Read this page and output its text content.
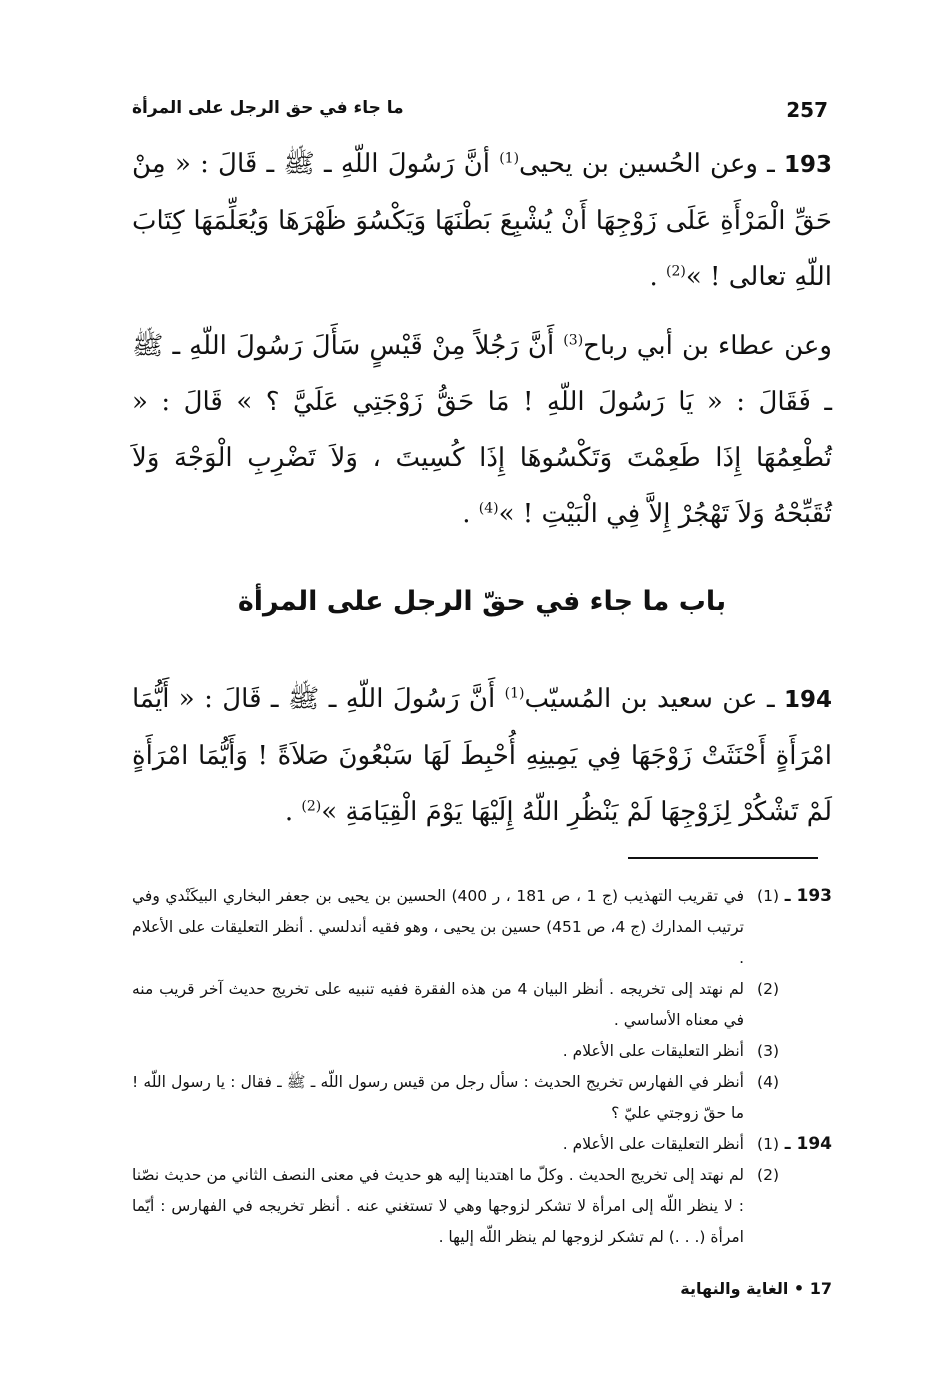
257
ما جاء في حق الرجل على المرأة
193 ـ وعن الحُسين بن يحيى$^{(1)}$ أنَّ رَسُولَ اللّهِ ـ ﷺ ـ قَالَ : « مِنْ حَقِّ الْمَرْأَةِ عَلَى زَوْجِهَا أَنْ يُشْبِعَ بَطْنَهَا وَيَكْسُوَ ظَهْرَهَا وَيُعَلِّمَهَا كِتَابَ اللّهِ تعالى ! »$^{(2)}$ .
وعن عطاء بن أبي رباح$^{(3)}$ أَنَّ رَجُلاً مِنْ قَيْسٍ سَأَلَ رَسُولَ اللّهِ ـ ﷺ ـ فَقَالَ : « يَا رَسُولَ اللّهِ ! مَا حَقُّ زَوْجَتِي عَلَيَّ ؟ » قَالَ : « تُطْعِمُهَا إِذَا طَعِمْتَ وَتَكْسُوهَا إِذَا كُسِيتَ ، وَلاَ تَضْرِبِ الْوَجْهَ وَلاَ تُقَبِّحْهُ وَلاَ تَهْجُرْ إِلاَّ فِي الْبَيْتِ ! »$^{(4)}$ .
باب ما جاء في حقّ الرجل على المرأة
194 ـ عن سعيد بن المُسيّب$^{(1)}$ أَنَّ رَسُولَ اللّهِ ـ ﷺ ـ قَالَ : « أَيُّمَا امْرَأَةٍ أَحْنَثَتْ زَوْجَهَا فِي يَمِينِهِ أُحْبِطَ لَهَا سَبْعُونَ صَلاَةً ! وَأَيُّمَا امْرَأَةٍ لَمْ تَشْكُرْ لِزَوْجِهَا لَمْ يَنْظُرِ اللّهُ إِلَيْهَا يَوْمَ الْقِيَامَةِ »$^{(2)}$ .
193 ـ
(1)
في تقريب التهذيب (ج 1 ، ص 181 ، ر 400) الحسين بن يحيى بن جعفر البخاري البيكَنْدي وفي ترتيب المدارك (ج 4، ص 451) حسين بن يحيى ، وهو فقيه أندلسي . أنظر التعليقات على الأعلام .
(2)
لم نهتد إلى تخريجه . أنظر البيان 4 من هذه الفقرة ففيه تنبيه على تخريج حديث آخر قريب منه في معناه الأساسي .
(3)
أنظر التعليقات على الأعلام .
(4)
أنظر في الفهارس تخريج الحديث : سأل رجل من قيس رسول اللّه ـ ﷺ ـ فقال : يا رسول اللّه ! ما حقّ زوجتي عليّ ؟
194 ـ
(1)
أنظر التعليقات على الأعلام .
(2)
لم نهتد إلى تخريج الحديث . وكلّ ما اهتدينا إليه هو حديث في معنى النصف الثاني من حديث نصّنا : لا ينظر اللّه إلى امرأة لا تشكر لزوجها وهي لا تستغني عنه . أنظر تخريجه في الفهارس : أيّما امرأة (. . .) لم تشكر لزوجها لم ينظر اللّه إليها .
17 • الغاية والنهاية
